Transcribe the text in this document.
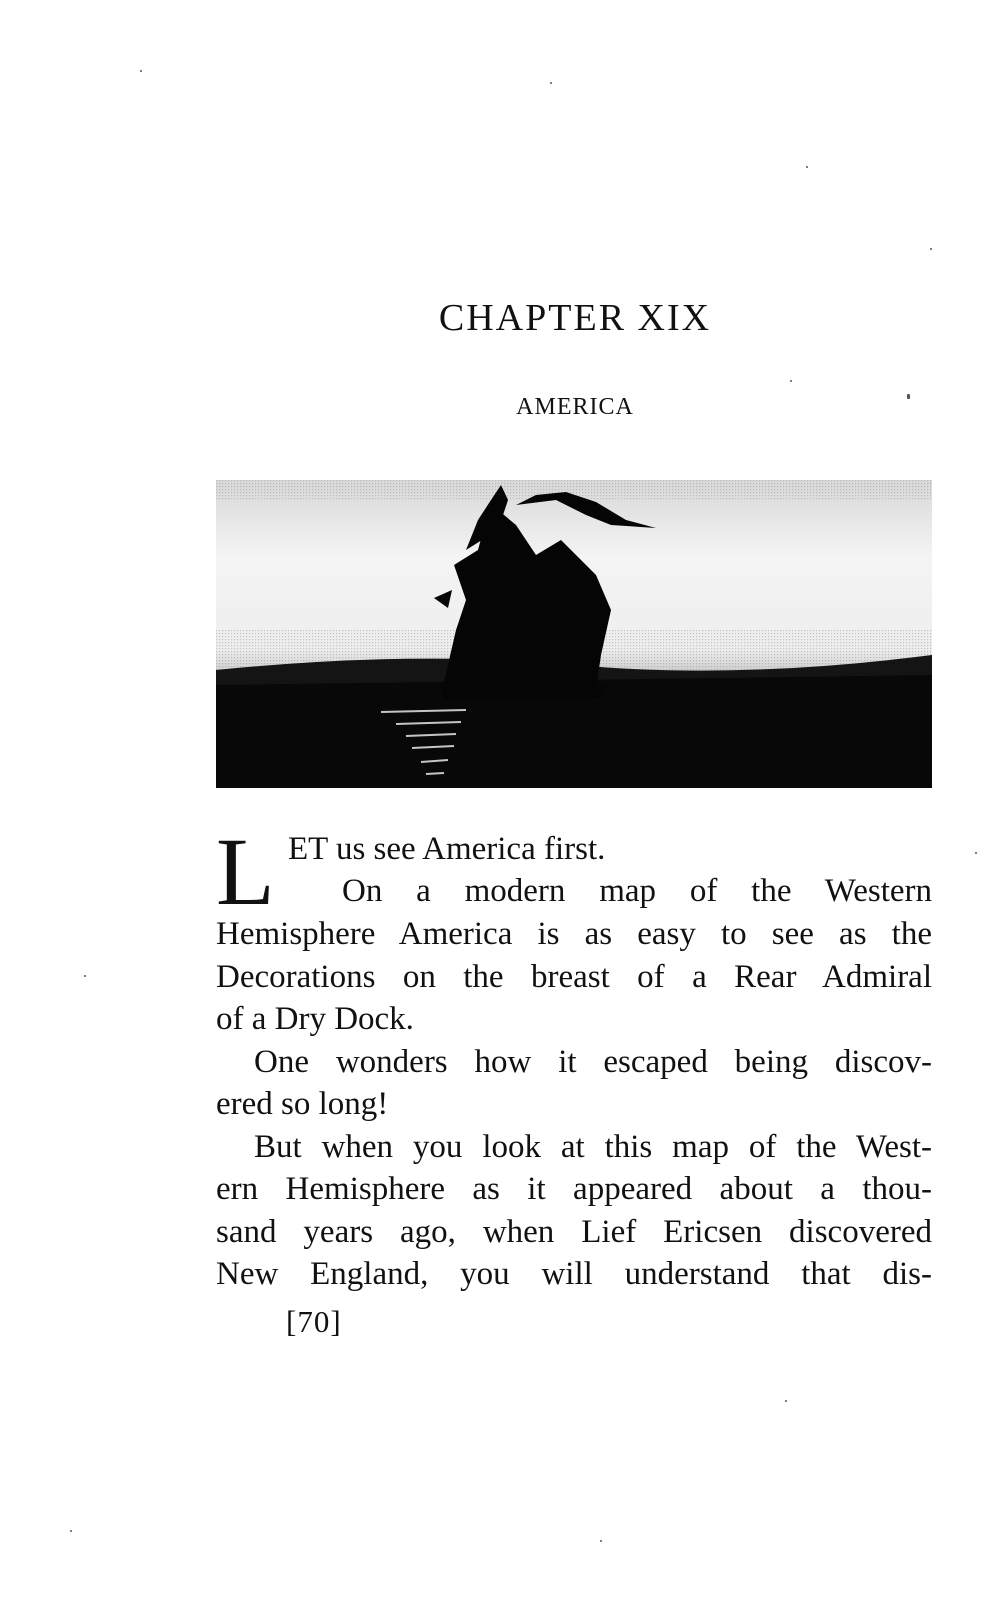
CHAPTER XIX
AMERICA
L ET us see America first.
On a modern map of the Western
Hemisphere America is as easy to see as the
Decorations on the breast of a Rear Admiral
of a Dry Dock.
One wonders how it escaped being discov-
ered so long!
But when you look at this map of the West-
ern Hemisphere as it appeared about a thou-
sand years ago, when Lief Ericsen discovered
New England, you will understand that dis-
[70]
